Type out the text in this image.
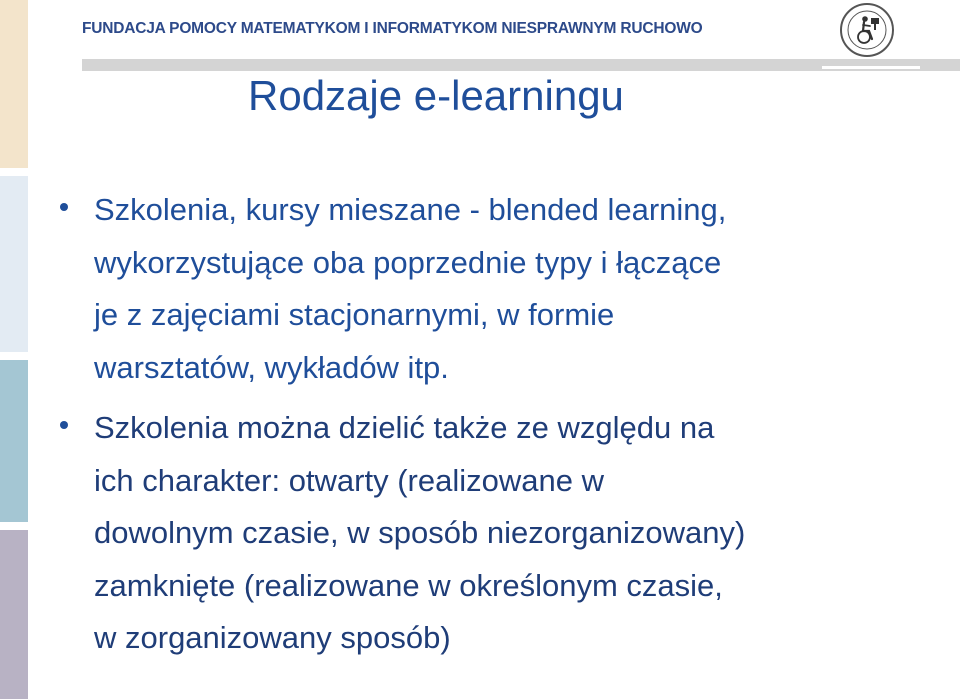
FUNDACJA POMOCY MATEMATYKOM I INFORMATYKOM NIESPRAWNYM RUCHOWO
Rodzaje e-learningu
Szkolenia, kursy mieszane - blended learning,
wykorzystujące oba poprzednie typy i łączące
je z zajęciami stacjonarnymi, w formie
warsztatów, wykładów itp.
Szkolenia można dzielić także ze względu na
ich charakter: otwarty (realizowane w
dowolnym czasie, w sposób niezorganizowany)
zamknięte (realizowane w określonym czasie,
w zorganizowany sposób)
